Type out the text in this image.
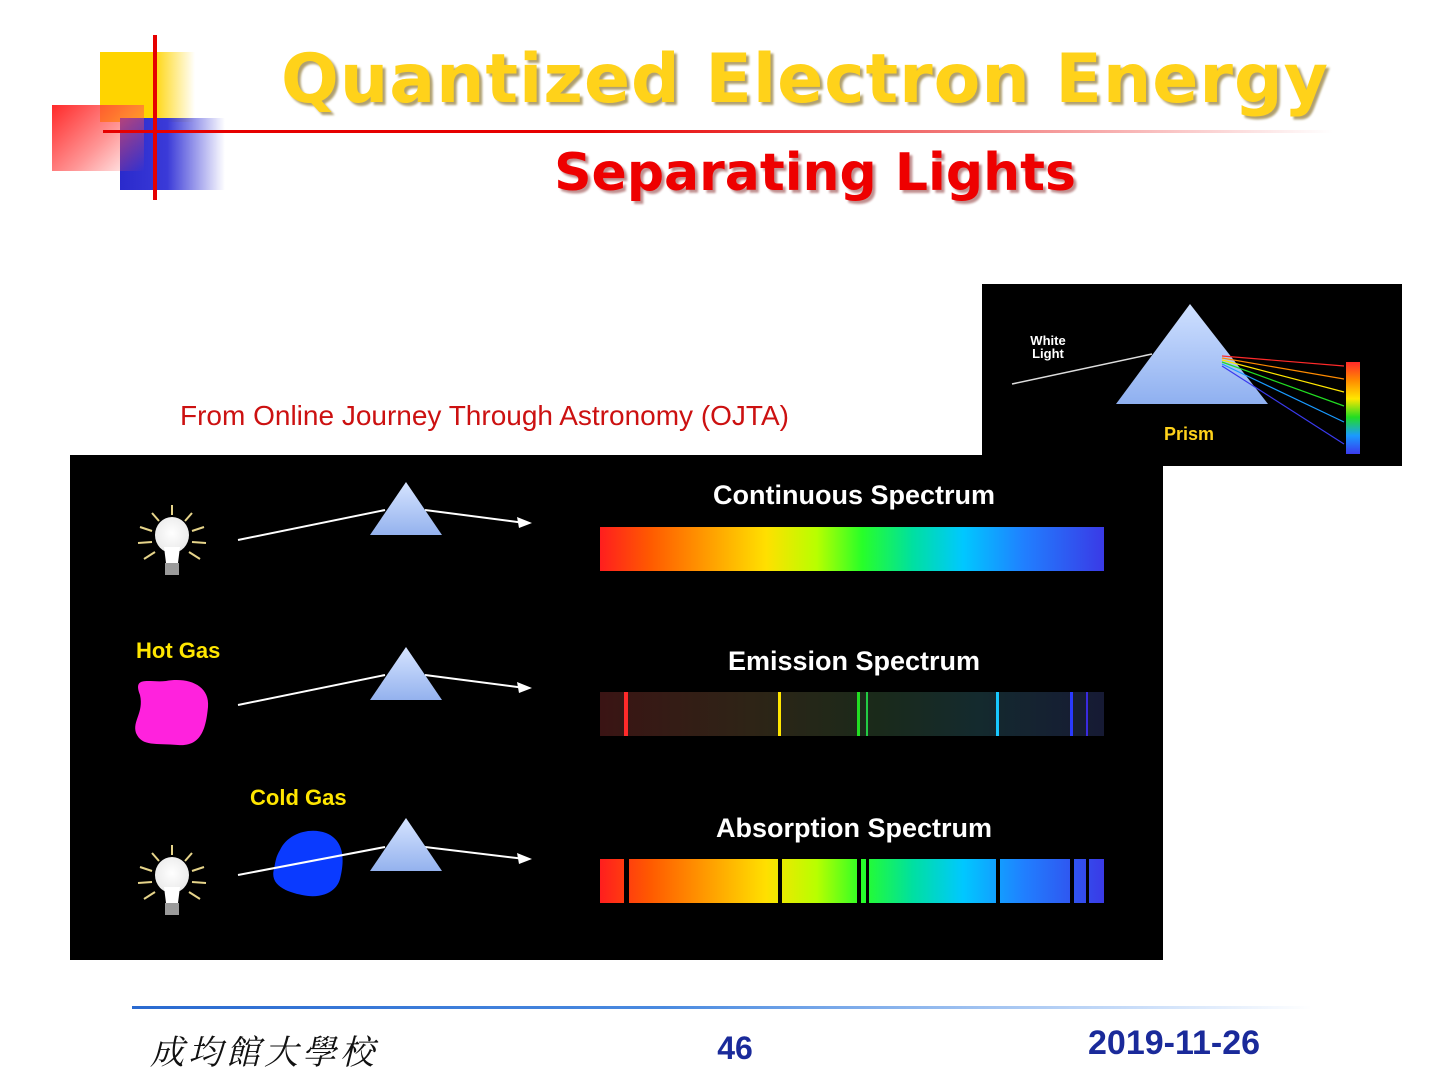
Quantized Electron Energy
Separating Lights
From Online Journey Through Astronomy (OJTA)
White
Light
Prism
Continuous Spectrum
Emission Spectrum
Absorption Spectrum
Hot Gas
Cold Gas
成均館大學校	46	2019-11-26
